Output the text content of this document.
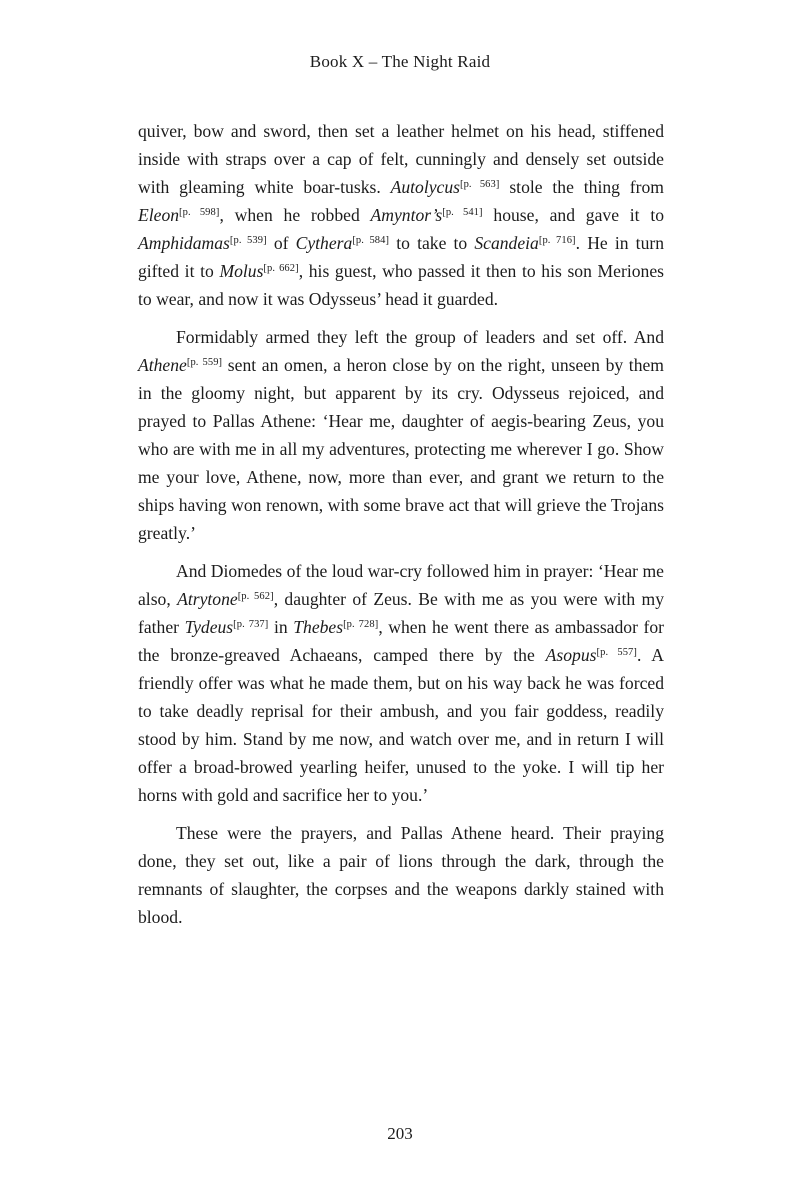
Book X – The Night Raid

quiver, bow and sword, then set a leather helmet on his head, stiffened inside with straps over a cap of felt, cunningly and densely set outside with gleaming white boar-tusks. Autolycus[p. 563] stole the thing from Eleon[p. 598], when he robbed Amyntor’s[p. 541] house, and gave it to Amphidamas[p. 539] of Cythera[p. 584] to take to Scandeia[p. 716]. He in turn gifted it to Molus[p. 662], his guest, who passed it then to his son Meriones to wear, and now it was Odysseus’ head it guarded.

Formidably armed they left the group of leaders and set off. And Athene[p. 559] sent an omen, a heron close by on the right, unseen by them in the gloomy night, but apparent by its cry. Odysseus rejoiced, and prayed to Pallas Athene: ‘Hear me, daughter of aegis-bearing Zeus, you who are with me in all my adventures, protecting me wherever I go. Show me your love, Athene, now, more than ever, and grant we return to the ships having won renown, with some brave act that will grieve the Trojans greatly.’

And Diomedes of the loud war-cry followed him in prayer: ‘Hear me also, Atrytone[p. 562], daughter of Zeus. Be with me as you were with my father Tydeus[p. 737] in Thebes[p. 728], when he went there as ambassador for the bronze-greaved Achaeans, camped there by the Asopus[p. 557]. A friendly offer was what he made them, but on his way back he was forced to take deadly reprisal for their ambush, and you fair goddess, readily stood by him. Stand by me now, and watch over me, and in return I will offer a broad-browed yearling heifer, unused to the yoke. I will tip her horns with gold and sacrifice her to you.’

These were the prayers, and Pallas Athene heard. Their praying done, they set out, like a pair of lions through the dark, through the remnants of slaughter, the corpses and the weapons darkly stained with blood.

203
